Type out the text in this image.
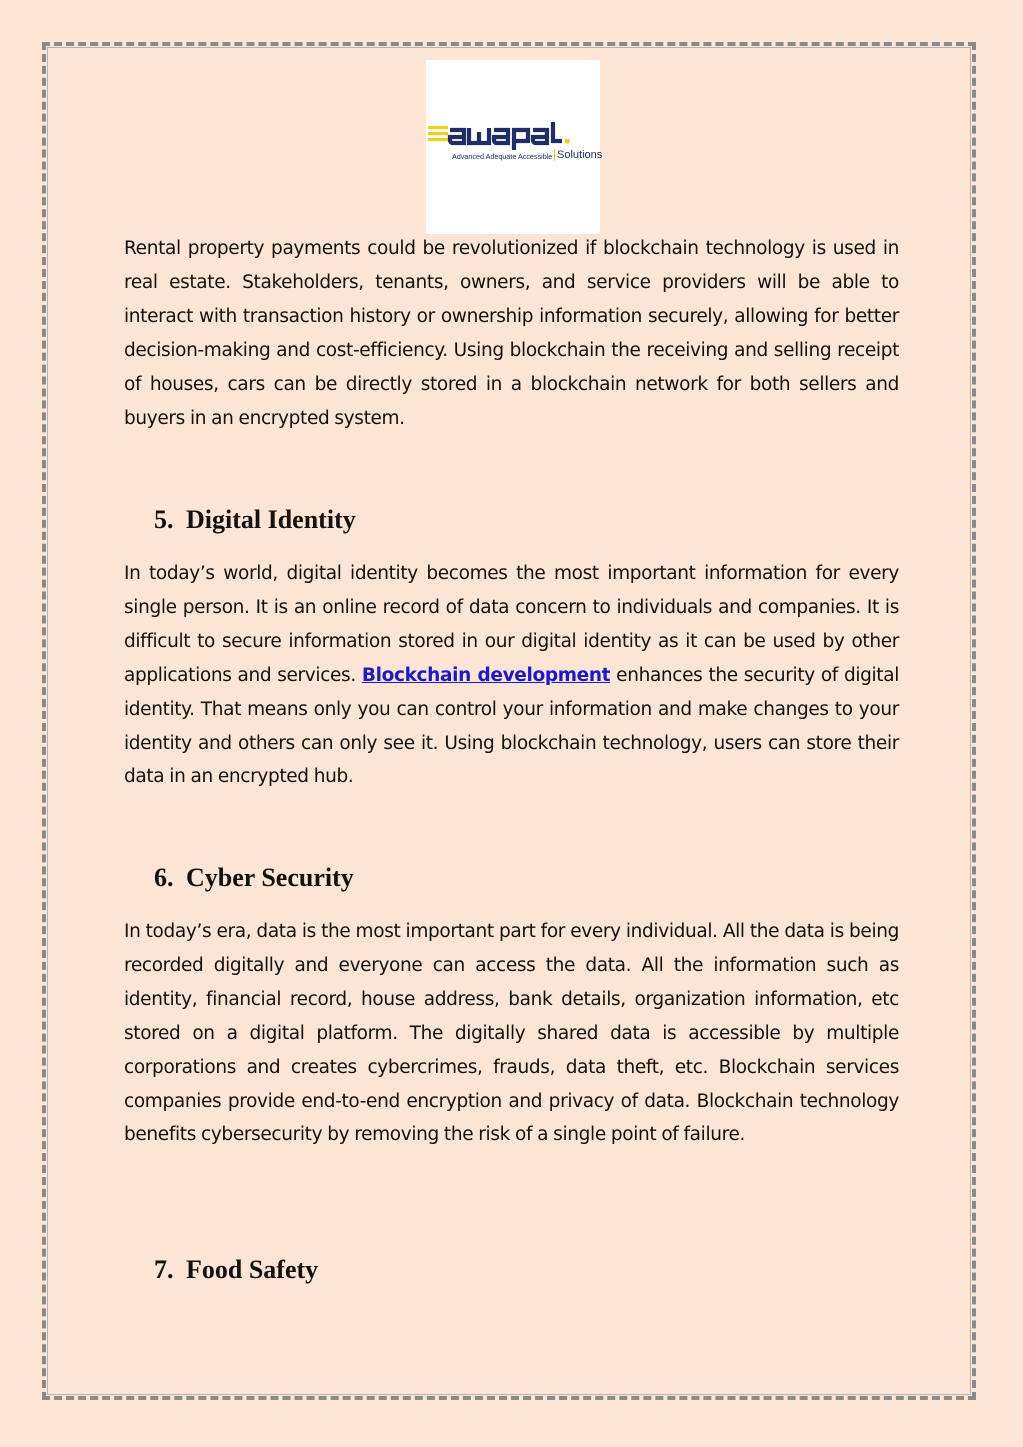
Advanced Adequate Accessible Solutions

Rental property payments could be revolutionized if blockchain technology is used in real estate. Stakeholders, tenants, owners, and service providers will be able to interact with transaction history or ownership information securely, allowing for better decision-making and cost-efficiency. Using blockchain the receiving and selling receipt of houses, cars can be directly stored in a blockchain network for both sellers and buyers in an encrypted system.

5. Digital Identity

In today’s world, digital identity becomes the most important information for every single person. It is an online record of data concern to individuals and companies. It is difficult to secure information stored in our digital identity as it can be used by other applications and services. Blockchain development enhances the security of digital identity. That means only you can control your information and make changes to your identity and others can only see it. Using blockchain technology, users can store their data in an encrypted hub.

6. Cyber Security

In today’s era, data is the most important part for every individual. All the data is being recorded digitally and everyone can access the data. All the information such as identity, financial record, house address, bank details, organization information, etc stored on a digital platform. The digitally shared data is accessible by multiple corporations and creates cybercrimes, frauds, data theft, etc. Blockchain services companies provide end-to-end encryption and privacy of data. Blockchain technology benefits cybersecurity by removing the risk of a single point of failure.

7. Food Safety
